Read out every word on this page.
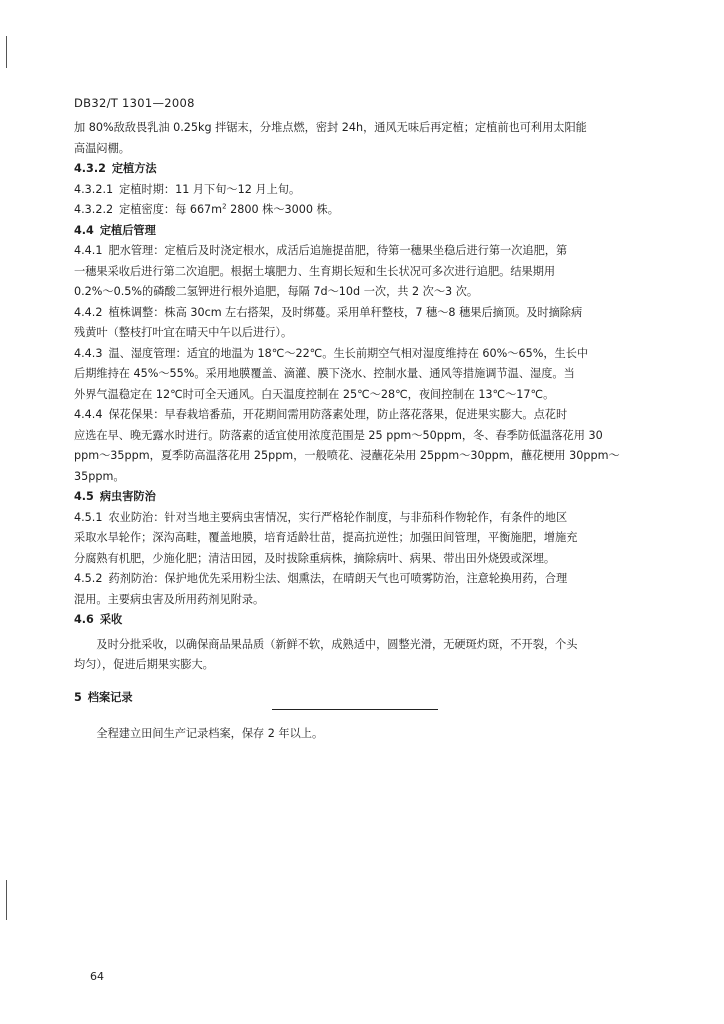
DB32/T 1301—2008

加 80%敌敌畏乳油 0.25kg 拌锯末，分堆点燃，密封 24h，通风无味后再定植；定植前也可利用太阳能

高温闷棚。

4.3.2 定植方法

4.3.2.1 定植时期：11 月下旬～12 月上旬。

4.3.2.2 定植密度：每 $667m^2$ 2800 株～3000 株。

4.4 定植后管理

4.4.1 肥水管理：定植后及时浇定根水，成活后追施提苗肥，待第一穗果坐稳后进行第一次追肥，第

一穗果采收后进行第二次追肥。根据土壤肥力、生育期长短和生长状况可多次进行追肥。结果期用

0.2%～0.5%的磷酸二氢钾进行根外追肥，每隔 7d～10d 一次，共 2 次～3 次。

4.4.2 植株调整：株高 30cm 左右搭架，及时绑蔓。采用单秆整枝，7 穗～8 穗果后摘顶。及时摘除病

残黄叶（整枝打叶宜在晴天中午以后进行）。

4.4.3 温、湿度管理：适宜的地温为 18℃～22℃。生长前期空气相对湿度维持在 60%～65%，生长中

后期维持在 45%～55%。采用地膜覆盖、滴灌、膜下浇水、控制水量、通风等措施调节温、湿度。当

外界气温稳定在 12℃时可全天通风。白天温度控制在 25℃～28℃，夜间控制在 13℃～17℃。

4.4.4 保花保果：早春栽培番茄，开花期间需用防落素处理，防止落花落果，促进果实膨大。点花时

应选在早、晚无露水时进行。防落素的适宜使用浓度范围是 25 ppm～50ppm，冬、春季防低温落花用 30

ppm～35ppm，夏季防高温落花用 25ppm，一般喷花、浸蘸花朵用 25ppm～30ppm，蘸花梗用 30ppm～35ppm。

4.5 病虫害防治

4.5.1 农业防治：针对当地主要病虫害情况，实行严格轮作制度，与非茄科作物轮作，有条件的地区

采取水旱轮作；深沟高畦，覆盖地膜，培育适龄壮苗，提高抗逆性；加强田间管理，平衡施肥，增施充

分腐熟有机肥，少施化肥；清洁田园，及时拔除重病株，摘除病叶、病果、带出田外烧毁或深埋。

4.5.2 药剂防治：保护地优先采用粉尘法、烟熏法，在晴朗天气也可喷雾防治，注意轮换用药，合理

混用。主要病虫害及所用药剂见附录。

4.6 采收

及时分批采收，以确保商品果品质（新鲜不软，成熟适中，圆整光滑，无硬斑灼斑，不开裂，个头

均匀），促进后期果实膨大。

5 档案记录

全程建立田间生产记录档案，保存 2 年以上。

64
